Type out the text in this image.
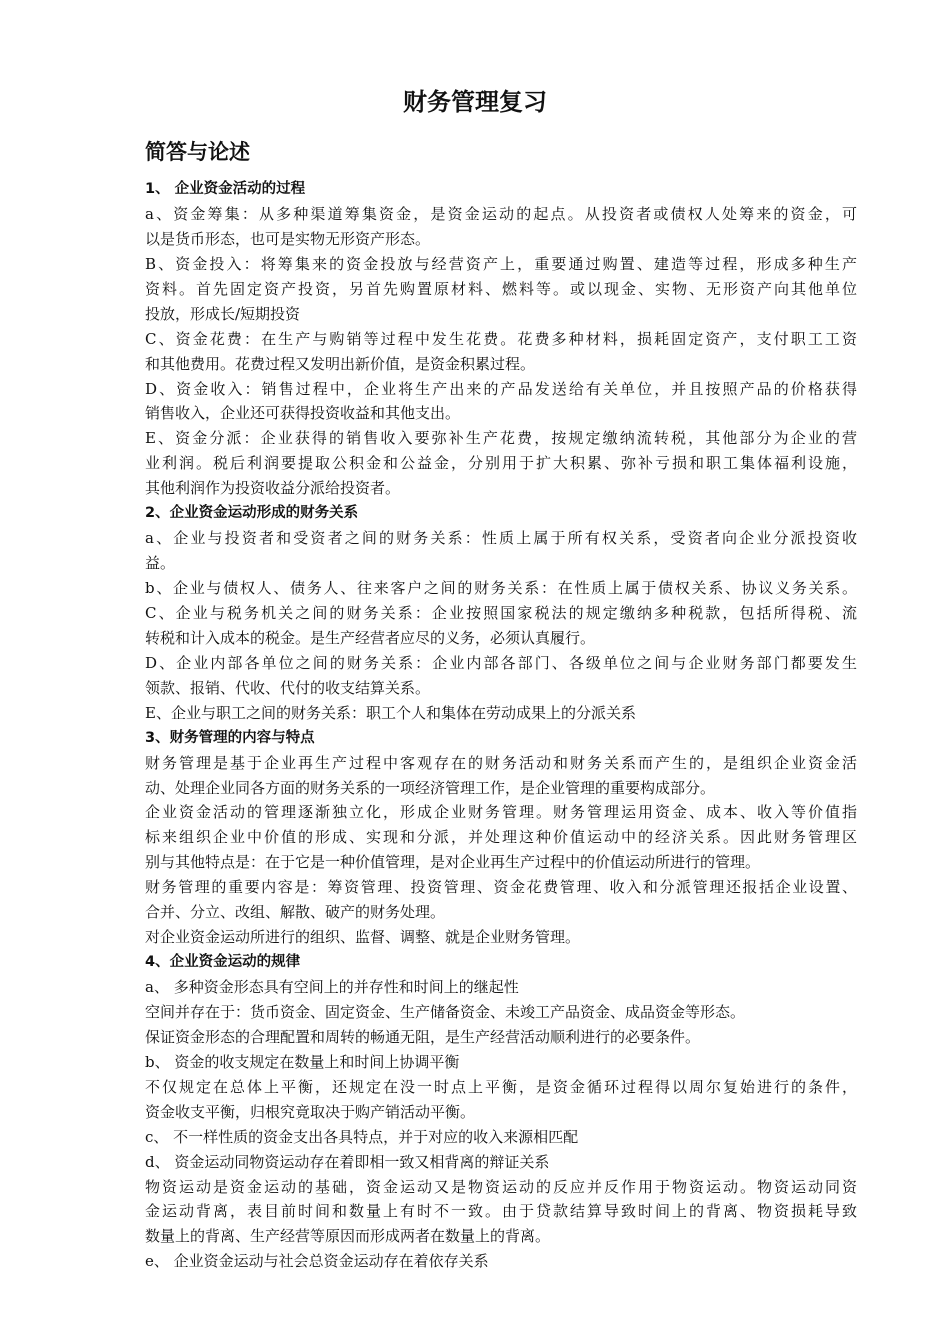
财务管理复习
简答与论述
1、 企业资金活动的过程
a、资金筹集：从多种渠道筹集资金，是资金运动的起点。从投资者或债权人处筹来的资金，可
以是货币形态，也可是实物无形资产形态。
B、资金投入：将筹集来的资金投放与经营资产上，重要通过购置、建造等过程，形成多种生产
资料。首先固定资产投资，另首先购置原材料、燃料等。或以现金、实物、无形资产向其他单位
投放，形成长/短期投资
C、资金花费：在生产与购销等过程中发生花费。花费多种材料，损耗固定资产，支付职工工资
和其他费用。花费过程又发明出新价值，是资金积累过程。
D、资金收入：销售过程中，企业将生产出来的产品发送给有关单位，并且按照产品的价格获得
销售收入，企业还可获得投资收益和其他支出。
E、资金分派：企业获得的销售收入要弥补生产花费，按规定缴纳流转税，其他部分为企业的营
业利润。税后利润要提取公积金和公益金，分别用于扩大积累、弥补亏损和职工集体福利设施，
其他利润作为投资收益分派给投资者。
2、企业资金运动形成的财务关系
a、企业与投资者和受资者之间的财务关系：性质上属于所有权关系，受资者向企业分派投资收
益。
b、企业与债权人、债务人、往来客户之间的财务关系：在性质上属于债权关系、协议义务关系。
C、企业与税务机关之间的财务关系：企业按照国家税法的规定缴纳多种税款，包括所得税、流
转税和计入成本的税金。是生产经营者应尽的义务，必须认真履行。
D、企业内部各单位之间的财务关系：企业内部各部门、各级单位之间与企业财务部门都要发生
领款、报销、代收、代付的收支结算关系。
E、企业与职工之间的财务关系：职工个人和集体在劳动成果上的分派关系
3、财务管理的内容与特点
财务管理是基于企业再生产过程中客观存在的财务活动和财务关系而产生的，是组织企业资金活
动、处理企业同各方面的财务关系的一项经济管理工作，是企业管理的重要构成部分。
企业资金活动的管理逐渐独立化，形成企业财务管理。财务管理运用资金、成本、收入等价值指
标来组织企业中价值的形成、实现和分派，并处理这种价值运动中的经济关系。因此财务管理区
别与其他特点是：在于它是一种价值管理，是对企业再生产过程中的价值运动所进行的管理。
财务管理的重要内容是：筹资管理、投资管理、资金花费管理、收入和分派管理还报括企业设置、
合并、分立、改组、解散、破产的财务处理。
对企业资金运动所进行的组织、监督、调整、就是企业财务管理。
4、企业资金运动的规律
a、 多种资金形态具有空间上的并存性和时间上的继起性
空间并存在于：货币资金、固定资金、生产储备资金、未竣工产品资金、成品资金等形态。
保证资金形态的合理配置和周转的畅通无阻，是生产经营活动顺利进行的必要条件。
b、 资金的收支规定在数量上和时间上协调平衡
不仅规定在总体上平衡，还规定在没一时点上平衡，是资金循环过程得以周尔复始进行的条件，
资金收支平衡，归根究竟取决于购产销活动平衡。
c、 不一样性质的资金支出各具特点，并于对应的收入来源相匹配
d、 资金运动同物资运动存在着即相一致又相背离的辩证关系
物资运动是资金运动的基础，资金运动又是物资运动的反应并反作用于物资运动。物资运动同资
金运动背离，表目前时间和数量上有时不一致。由于贷款结算导致时间上的背离、物资损耗导致
数量上的背离、生产经营等原因而形成两者在数量上的背离。
e、 企业资金运动与社会总资金运动存在着依存关系
